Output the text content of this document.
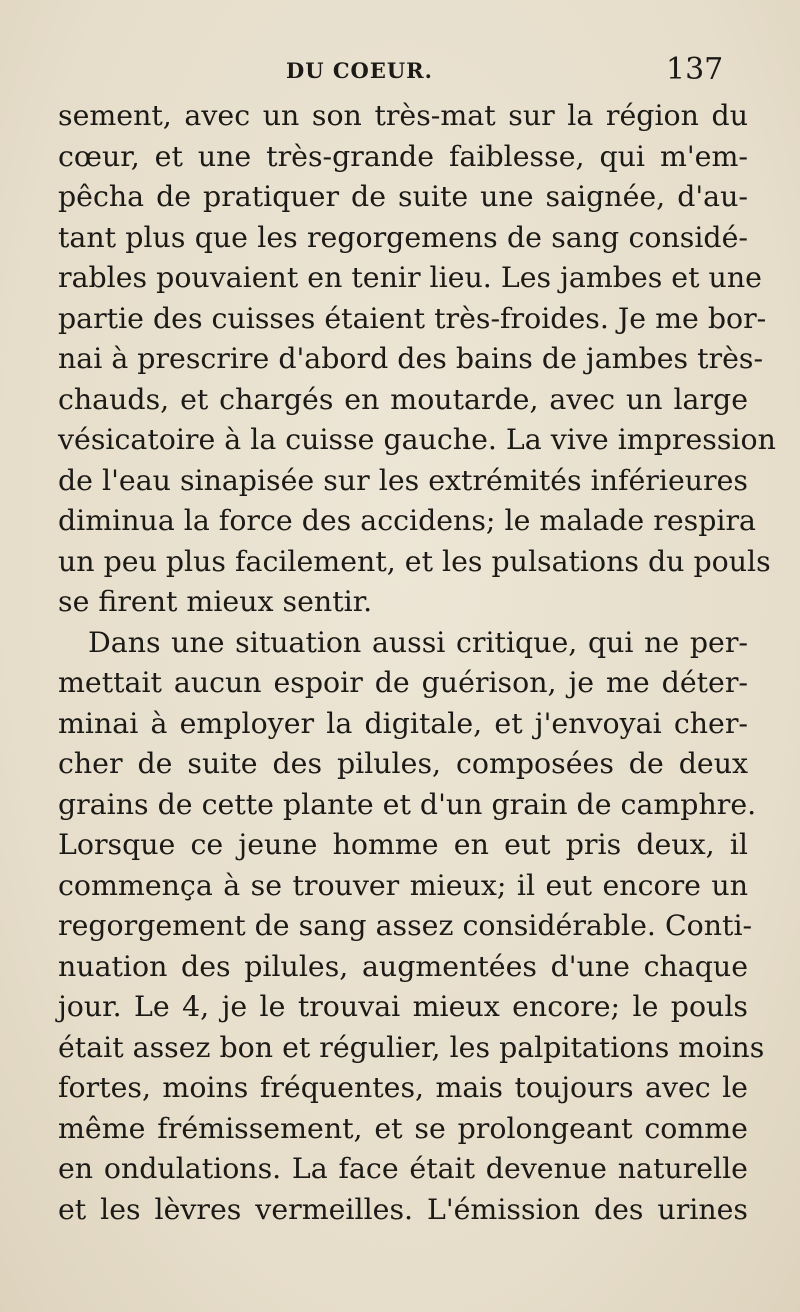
DU COEUR.	137
sement, avec un son très-mat sur la région du
cœur, et une très-grande faiblesse, qui m'em-
pêcha de pratiquer de suite une saignée, d'au-
tant plus que les regorgemens de sang considé-
rables pouvaient en tenir lieu. Les jambes et une
partie des cuisses étaient très-froides. Je me bor-
nai à prescrire d'abord des bains de jambes très-
chauds, et chargés en moutarde, avec un large
vésicatoire à la cuisse gauche. La vive impression
de l'eau sinapisée sur les extrémités inférieures
diminua la force des accidens; le malade respira
un peu plus facilement, et les pulsations du pouls
se firent mieux sentir.
Dans une situation aussi critique, qui ne per-
mettait aucun espoir de guérison, je me déter-
minai à employer la digitale, et j'envoyai cher-
cher de suite des pilules, composées de deux
grains de cette plante et d'un grain de camphre.
Lorsque ce jeune homme en eut pris deux, il
commença à se trouver mieux; il eut encore un
regorgement de sang assez considérable. Conti-
nuation des pilules, augmentées d'une chaque
jour. Le 4, je le trouvai mieux encore; le pouls
était assez bon et régulier, les palpitations moins
fortes, moins fréquentes, mais toujours avec le
même frémissement, et se prolongeant comme
en ondulations. La face était devenue naturelle
et les lèvres vermeilles. L'émission des urines
